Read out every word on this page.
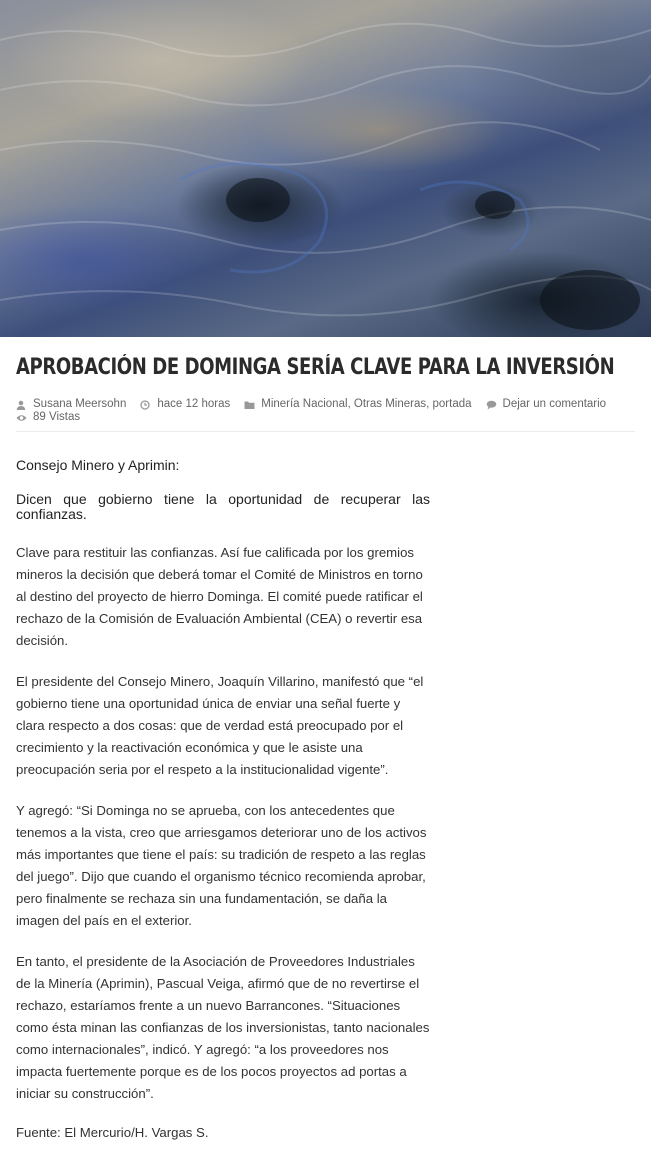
APROBACIÓN DE DOMINGA SERÍA CLAVE PARA LA INVERSIÓN
Susana Meersohn	hace 12 horas	Minería Nacional, Otras Mineras, portada	Dejar un comentario
89 Vistas
Consejo Minero y Aprimin:
Dicen que gobierno tiene la oportunidad de recuperar las confianzas.

Clave para restituir las confianzas. Así fue calificada por los gremios mineros la decisión que deberá tomar el Comité de Ministros en torno al destino del proyecto de hierro Dominga. El comité puede ratificar el rechazo de la Comisión de Evaluación Ambiental (CEA) o revertir esa decisión.

El presidente del Consejo Minero, Joaquín Villarino, manifestó que “el gobierno tiene una oportunidad única de enviar una señal fuerte y clara respecto a dos cosas: que de verdad está preocupado por el crecimiento y la reactivación económica y que le asiste una preocupación seria por el respeto a la institucionalidad vigente”.

Y agregó: “Si Dominga no se aprueba, con los antecedentes que tenemos a la vista, creo que arriesgamos deteriorar uno de los activos más importantes que tiene el país: su tradición de respeto a las reglas del juego”. Dijo que cuando el organismo técnico recomienda aprobar, pero finalmente se rechaza sin una fundamentación, se daña la imagen del país en el exterior.

En tanto, el presidente de la Asociación de Proveedores Industriales de la Minería (Aprimin), Pascual Veiga, afirmó que de no revertirse el rechazo, estaríamos frente a un nuevo Barrancones. “Situaciones como ésta minan las confianzas de los inversionistas, tanto nacionales como internacionales”, indicó. Y agregó: “a los proveedores nos impacta fuertemente porque es de los pocos proyectos ad portas a iniciar su construcción”.

Fuente: El Mercurio/H. Vargas S.
